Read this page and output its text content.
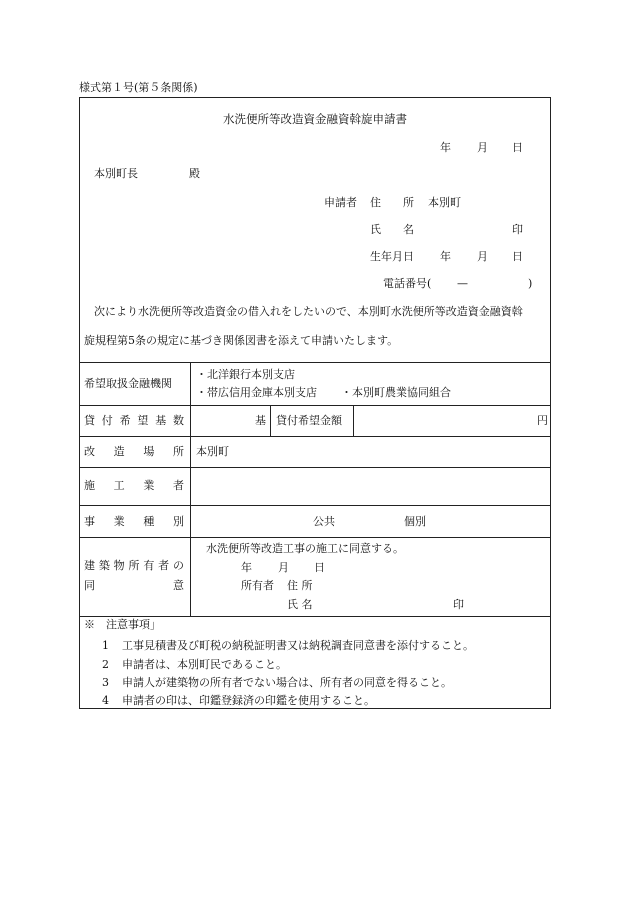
様式第１号(第５条関係)
水洗便所等改造資金融資斡旋申請書
年 月 日
本別町長	殿
申請者 住　　所 本別町
氏　　名	印
生年月日 年 月 日
電話番号( —	)
次により水洗便所等改造資金の借入れをしたいので、本別町水洗便所等改造資金融資斡
旋規程第5条の規定に基づき関係図書を添えて申請いたします。
希望取扱金融機関
・北洋銀行本別支店
・帯広信用金庫本別支店 ・本別町農業協同組合
貸 付 希 望 基 数	基 貸付希望金額	円
改 造 場 所 本別町
施 工 業 者
事 業 種 別	公共	個別
建 築 物 所 有 者 の
同	意
水洗便所等改造工事の施工に同意する。
年 月 日
所有者 住 所
氏 名	印
※　注意事項」
1 工事見積書及び町税の納税証明書又は納税調査同意書を添付すること。
2 申請者は、本別町民であること。
3 申請人が建築物の所有者でない場合は、所有者の同意を得ること。
4 申請者の印は、印鑑登録済の印鑑を使用すること。
